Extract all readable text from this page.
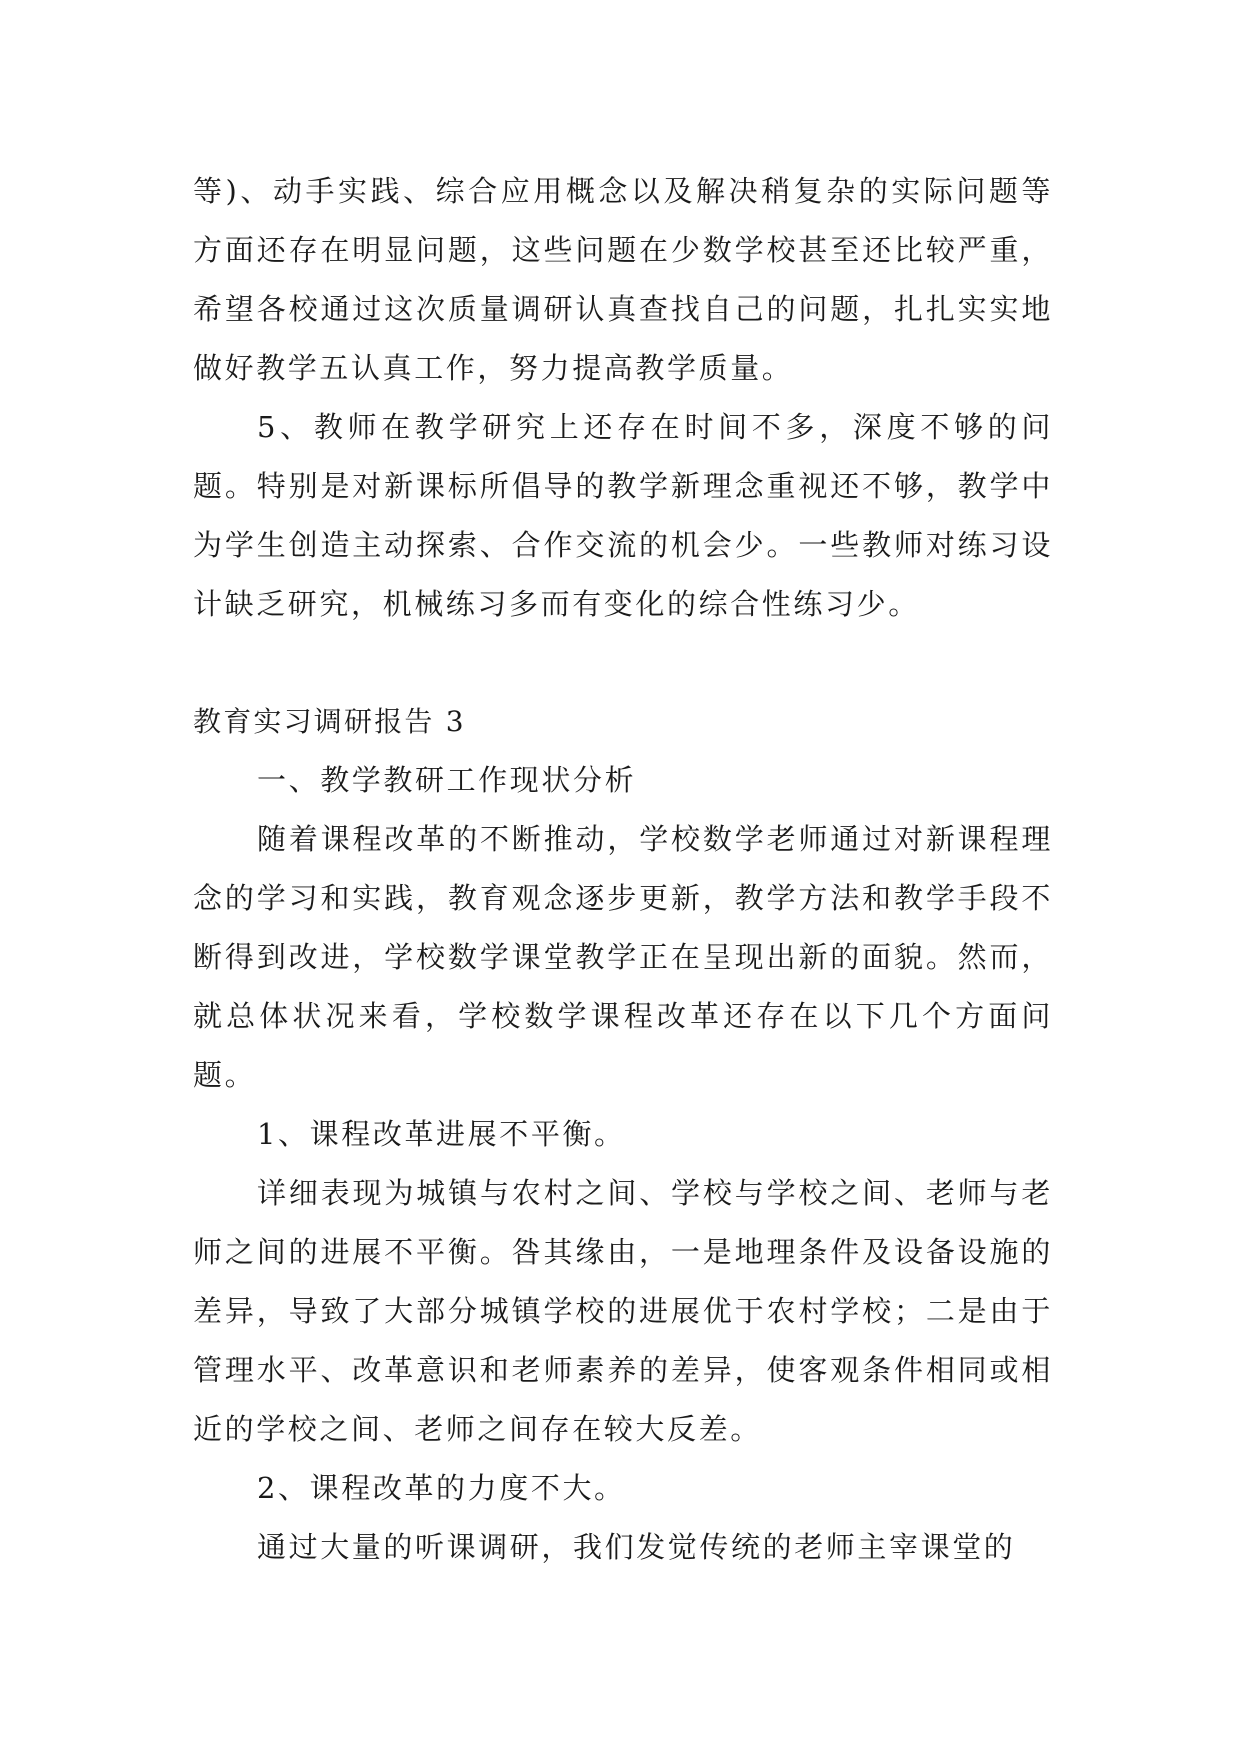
等)、动手实践、综合应用概念以及解决稍复杂的实际问题等方面还存在明显问题，这些问题在少数学校甚至还比较严重，希望各校通过这次质量调研认真查找自己的问题，扎扎实实地做好教学五认真工作，努力提高教学质量。

5、教师在教学研究上还存在时间不多，深度不够的问题。特别是对新课标所倡导的教学新理念重视还不够，教学中为学生创造主动探索、合作交流的机会少。一些教师对练习设计缺乏研究，机械练习多而有变化的综合性练习少。

教育实习调研报告 3

一、教学教研工作现状分析

随着课程改革的不断推动，学校数学老师通过对新课程理念的学习和实践，教育观念逐步更新，教学方法和教学手段不断得到改进，学校数学课堂教学正在呈现出新的面貌。然而，就总体状况来看，学校数学课程改革还存在以下几个方面问题。

1、课程改革进展不平衡。

详细表现为城镇与农村之间、学校与学校之间、老师与老师之间的进展不平衡。咎其缘由，一是地理条件及设备设施的差异，导致了大部分城镇学校的进展优于农村学校；二是由于管理水平、改革意识和老师素养的差异，使客观条件相同或相近的学校之间、老师之间存在较大反差。

2、课程改革的力度不大。

通过大量的听课调研，我们发觉传统的老师主宰课堂的
